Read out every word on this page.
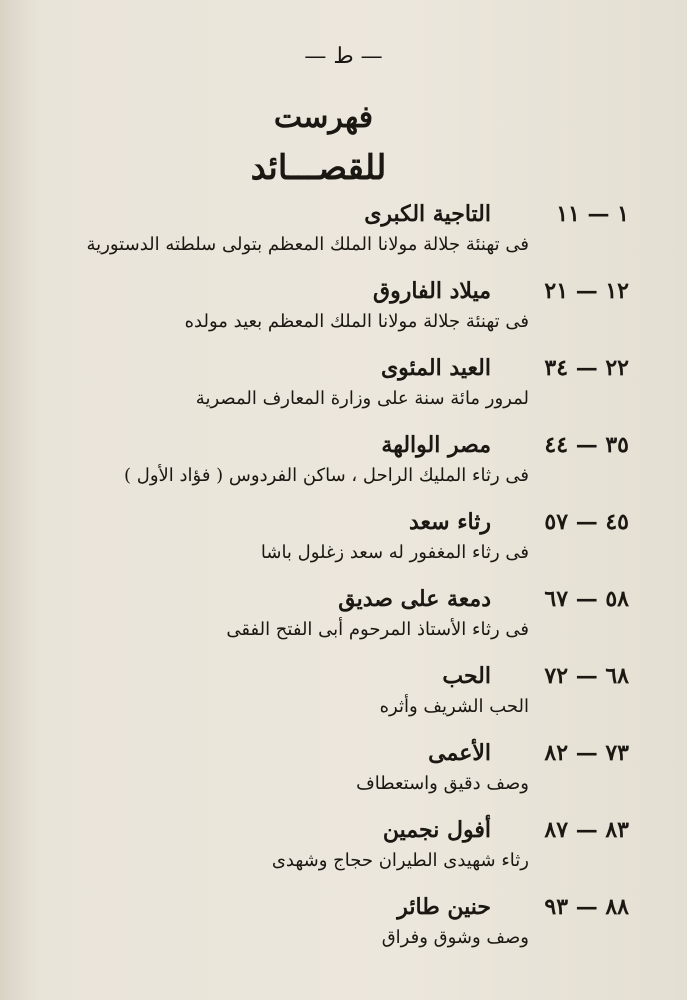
— ط —
فهرست
للقصـــائد
١ — ١١
التاجية الكبرى
فى تهنئة جلالة مولانا الملك المعظم بتولى سلطته الدستورية
١٢ — ٢١
ميلاد الفاروق
فى تهنئة جلالة مولانا الملك المعظم بعيد مولده
٢٢ — ٣٤
العيد المئوى
لمرور مائة سنة على وزارة المعارف المصرية
٣٥ — ٤٤
مصر الوالهة
فى رثاء المليك الراحل ، ساكن الفردوس ( فؤاد الأول )
٤٥ — ٥٧
رثاء سعد
فى رثاء المغفور له سعد زغلول باشا
٥٨ — ٦٧
دمعة على صديق
فى رثاء الأستاذ المرحوم أبى الفتح الفقى
٦٨ — ٧٢
الحب
الحب الشريف وأثره
٧٣ — ٨٢
الأعمى
وصف دقيق واستعطاف
٨٣ — ٨٧
أفول نجمين
رثاء شهيدى الطيران حجاج وشهدى
٨٨ — ٩٣
حنين طائر
وصف وشوق وفراق
